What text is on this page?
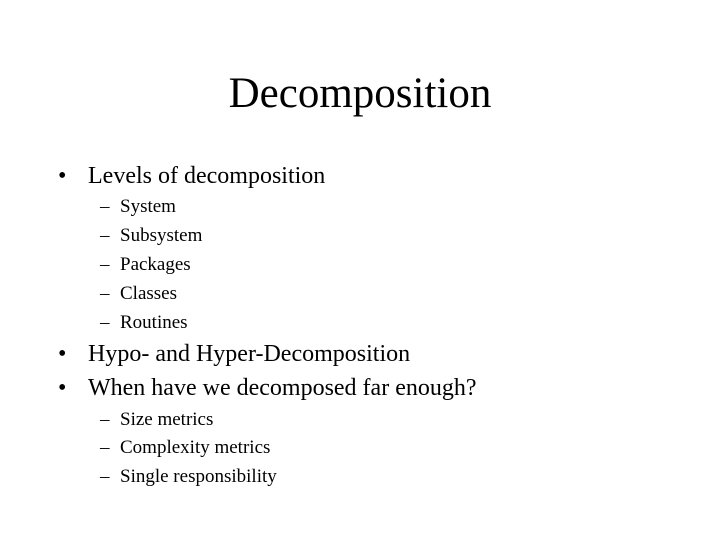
Decomposition
• Levels of decomposition
– System
– Subsystem
– Packages
– Classes
– Routines
• Hypo- and Hyper-Decomposition
• When have we decomposed far enough?
– Size metrics
– Complexity metrics
– Single responsibility
